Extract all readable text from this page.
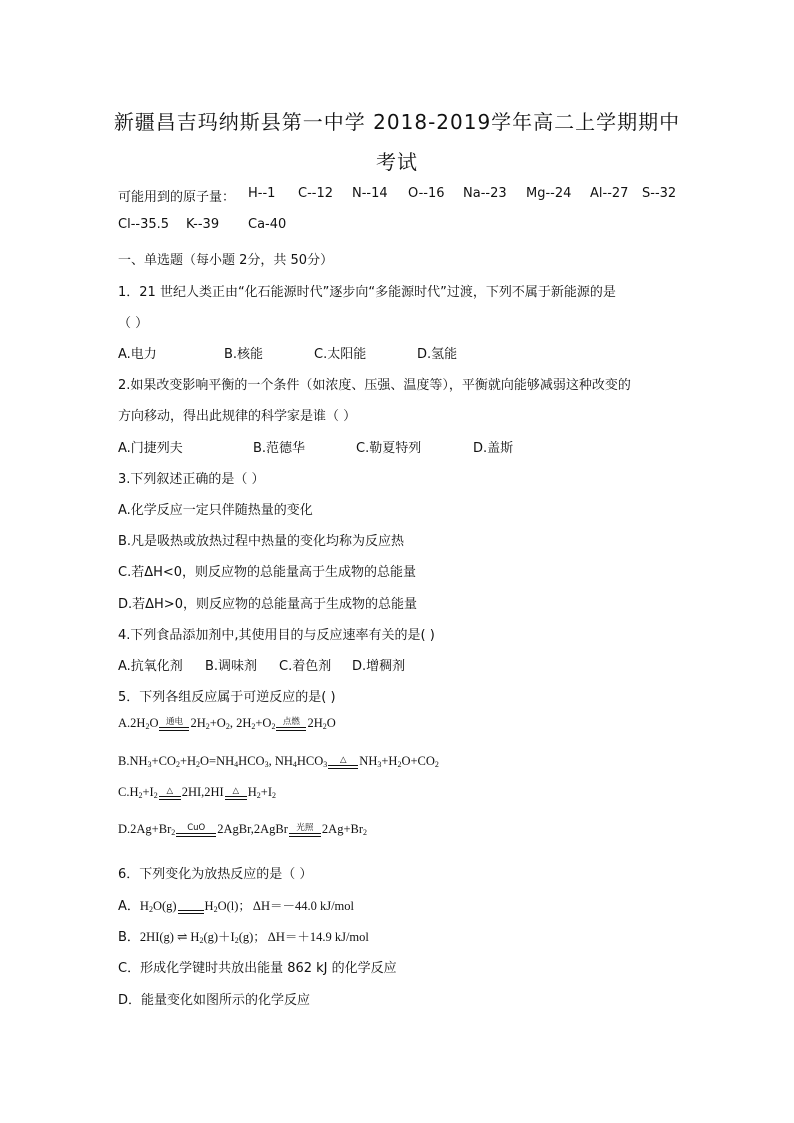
新疆昌吉玛纳斯县第一中学 2018-2019学年高二上学期期中
考试
可能用到的原子量： H--1 C--12 N--14 O--16 Na--23 Mg--24 Al--27 S--32
Cl--35.5 K--39 Ca-40
一、单选题（每小题 2分，共 50分）
1．21 世纪人类正由“化石能源时代”逐步向“多能源时代”过渡，下列不属于新能源的是
（ ）
A.电力	B.核能	C.太阳能	D.氢能
2.如果改变影响平衡的一个条件（如浓度、压强、温度等），平衡就向能够减弱这种改变的
方向移动，得出此规律的科学家是谁（ ）
A.门捷列夫	B.范德华	C.勒夏特列	D.盖斯
3.下列叙述正确的是（ ）
A.化学反应一定只伴随热量的变化
B.凡是吸热或放热过程中热量的变化均称为反应热
C.若ΔH<0，则反应物的总能量高于生成物的总能量
D.若ΔH>0，则反应物的总能量高于生成物的总能量
4.下列食品添加剂中,其使用目的与反应速率有关的是( )
A.抗氧化剂 B.调味剂 C.着色剂 D.增稠剂
5．下列各组反应属于可逆反应的是( )
$A.2H_2$ O 通电 2H 2 +O 2 , 2H 2 +O 2 点燃 2H 2 O
$B.NH_3 +CO$ 2 +H 2 O=NH 4 HCO 3 , NH 4 HCO 3 △ NH 3 +H 2 O+CO 2
$C.H_2 +I$ 2 △ 2HI,2HI △ H 2 +I 2
$D.2Ag+Br_2$ CuO 2AgBr,2AgBr 光照 2Ag+Br 2
6．下列变化为放热反应的是（ ）
A． $H_2$ O(g)
$H^2$ O(l)； ΔH＝－44.0 kJ/mol
B． 2HI(g) ⇌ $H_2$ (g)＋I 2 (g)； ΔH＝＋14.9 kJ/mol
C．形成化学键时共放出能量 862 kJ 的化学反应
D．能量变化如图所示的化学反应
